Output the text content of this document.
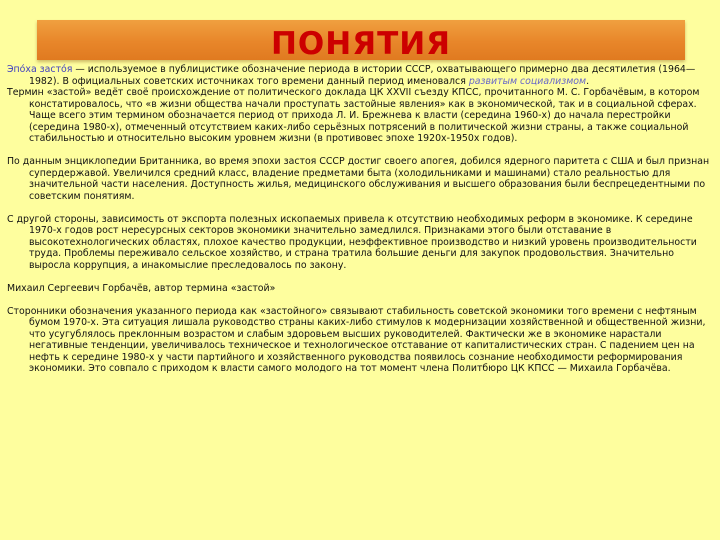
ПОНЯТИЯ

Эпо́ха засто́я — используемое в публицистике обозначение периода в истории СССР, охватывающего примерно два десятилетия (1964—1982). В официальных советских источниках того времени данный период именовался развитым социализмом.

Термин «застой» ведёт своё происхождение от политического доклада ЦК XXVII съезду КПСС, прочитанного М. С. Горбачёвым, в котором констатировалось, что «в жизни общества начали проступать застойные явления» как в экономической, так и в социальной сферах. Чаще всего этим термином обозначается период от прихода Л. И. Брежнева к власти (середина 1960-х) до начала перестройки (середина 1980-х), отмеченный отсутствием каких-либо серьёзных потрясений в политической жизни страны, а также социальной стабильностью и относительно высоким уровнем жизни (в противовес эпохе 1920х-1950х годов).

По данным энциклопедии Британника, во время эпохи застоя СССР достиг своего апогея, добился ядерного паритета с США и был признан супердержавой. Увеличился средний класс, владение предметами быта (холодильниками и машинами) стало реальностью для значительной части населения. Доступность жилья, медицинского обслуживания и высшего образования были беспрецедентными по советским понятиям.

С другой стороны, зависимость от экспорта полезных ископаемых привела к отсутствию необходимых реформ в экономике. К середине 1970-х годов рост нересурсных секторов экономики значительно замедлился. Признаками этого были отставание в высокотехнологических областях, плохое качество продукции, неэффективное производство и низкий уровень производительности труда. Проблемы переживало сельское хозяйство, и страна тратила большие деньги для закупок продовольствия. Значительно выросла коррупция, а инакомыслие преследовалось по закону.

Михаил Сергеевич Горбачёв, автор термина «застой»

Сторонники обозначения указанного периода как «застойного» связывают стабильность советской экономики того времени с нефтяным бумом 1970-х. Эта ситуация лишала руководство страны каких-либо стимулов к модернизации хозяйственной и общественной жизни, что усугублялось преклонным возрастом и слабым здоровьем высших руководителей. Фактически же в экономике нарастали негативные тенденции, увеличивалось техническое и технологическое отставание от капиталистических стран. С падением цен на нефть к середине 1980-х у части партийного и хозяйственного руководства появилось сознание необходимости реформирования экономики. Это совпало с приходом к власти самого молодого на тот момент члена Политбюро ЦК КПСС — Михаила Горбачёва.
